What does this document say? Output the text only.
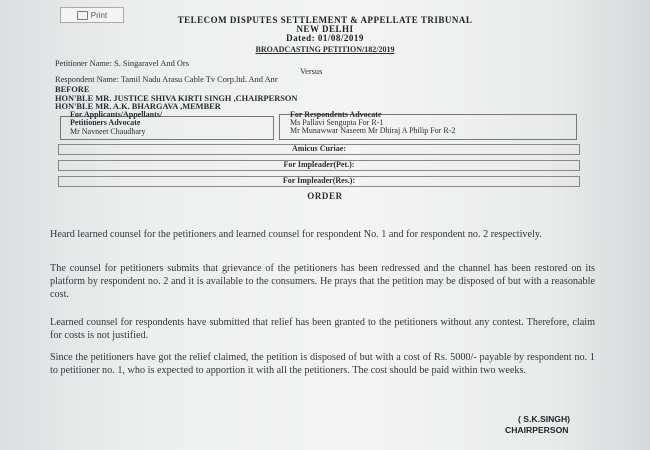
Print	TELECOM DISPUTES SETTLEMENT & APPELLATE TRIBUNAL
NEW DELHI
Dated: 01/08/2019
BROADCASTING PETITION/182/2019
Petitioner Name: S. Singaravel And Ors
Versus
Respondent Name: Tamil Nadu Arasu Cable Tv Corp.ltd. And Anr
BEFORE
HON'BLE MR. JUSTICE SHIVA KIRTI SINGH ,CHAIRPERSON
HON'BLE MR. A.K. BHARGAVA ,MEMBER
For Applicants/Appellants/
Petitioners Advocate
Mr Navneet Chaudhary
For Respondents Advocate
Ms Pallavi Sengupta For R-1
Mr Munawwar Naseem Mr Dhiraj A Philip For R-2
Amicus Curiae:
For Impleader(Pet.):
For Impleader(Res.):
ORDER
Heard learned counsel for the petitioners and learned counsel for respondent No. 1 and for respondent no. 2 respectively.
The counsel for petitioners submits that grievance of the petitioners has been redressed and the channel has been restored on its platform by respondent no. 2 and it is available to the consumers. He prays that the petition may be disposed of but with a reasonable cost.
Learned counsel for respondents have submitted that relief has been granted to the petitioners without any contest. Therefore, claim for costs is not justified.
Since the petitioners have got the relief claimed, the petition is disposed of but with a cost of Rs. 5000/- payable by respondent no. 1 to petitioner no. 1, who is expected to apportion it with all the petitioners. The cost should be paid within two weeks.
( S.K.SINGH)
CHAIRPERSON
